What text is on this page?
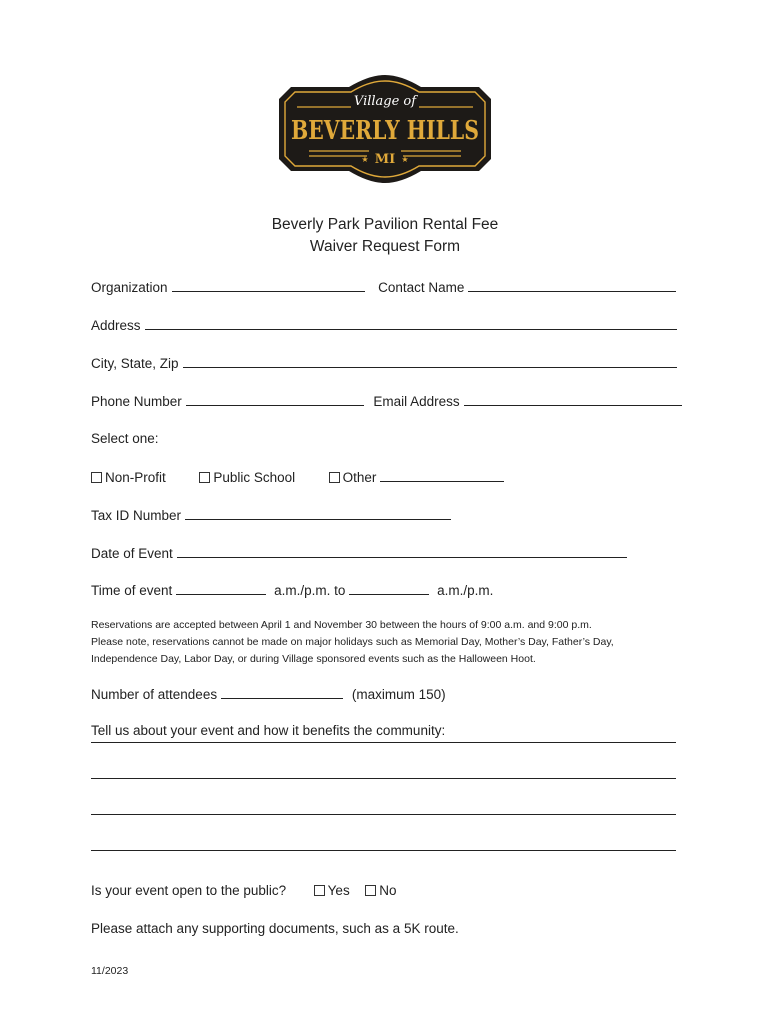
Village of
BEVERLY HILLS
MI
★	★
Beverly Park Pavilion Rental Fee
Waiver Request Form
Organization	Contact Name
Address
City, State, Zip
Phone Number	Email Address
Select one:
Non-Profit	Public School	Other
Tax ID Number
Date of Event
Time of event	a.m./p.m. to	a.m./p.m.
Reservations are accepted between April 1 and November 30 between the hours of 9:00 a.m. and 9:00 p.m.
Please note, reservations cannot be made on major holidays such as Memorial Day, Mother’s Day, Father’s Day,
Independence Day, Labor Day, or during Village sponsored events such as the Halloween Hoot.
Number of attendees	(maximum 150)
Tell us about your event and how it benefits the community:
Is your event open to the public?	Yes No
Please attach any supporting documents, such as a 5K route.
11/2023
